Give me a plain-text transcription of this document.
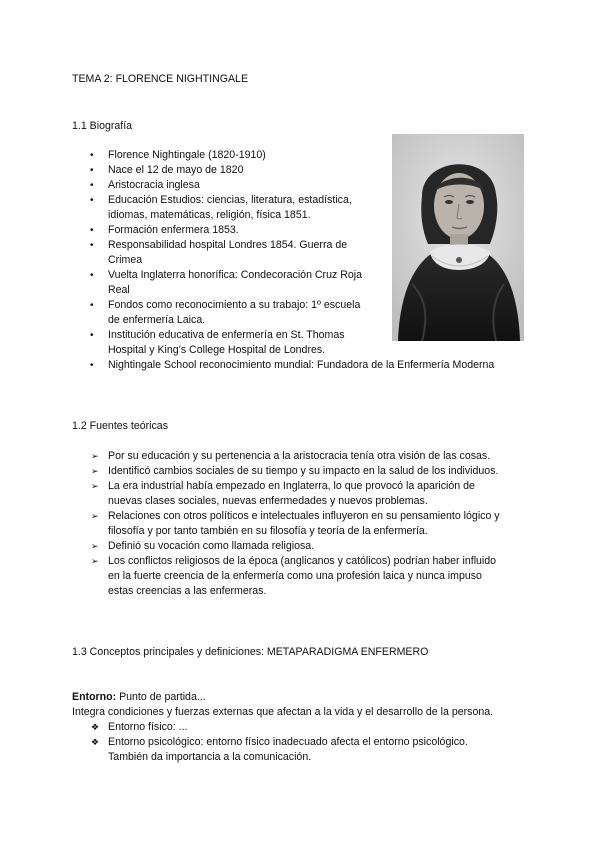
TEMA 2: FLORENCE NIGHTINGALE

1.1 Biografía

• Florence Nightingale (1820-1910)
• Nace el 12 de mayo de 1820
• Aristocracia inglesa
• Educación Estudios: ciencias, literatura, estadística,
idiomas, matemáticas, religión, física 1851.
• Formación enfermera 1853.
• Responsabilidad hospital Londres 1854. Guerra de
Crimea
• Vuelta Inglaterra honorífica: Condecoración Cruz Roja
Real
• Fondos como reconocimiento a su trabajo: 1º escuela
de enfermería Laica.
• Institución educativa de enfermería en St. Thomas
Hospital y King’s College Hospital de Londres.
• Nightingale School reconocimiento mundial: Fundadora de la Enfermería Moderna

1.2 Fuentes teóricas

➢ Por su educación y su pertenencia a la aristocracia tenía otra visión de las cosas.
➢ Identificó cambios sociales de su tiempo y su impacto en la salud de los individuos.
➢ La era industrial había empezado en Inglaterra, lo que provocó la aparición de
nuevas clases sociales, nuevas enfermedades y nuevos problemas.
➢ Relaciones con otros políticos e intelectuales influyeron en su pensamiento lógico y
filosofía y por tanto también en su filosofía y teoría de la enfermería.
➢ Definió su vocación como llamada religiosa.
➢ Los conflictos religiosos de la época (anglicanos y católicos) podrían haber influido
en la fuerte creencia de la enfermería como una profesión laica y nunca impuso
estas creencias a las enfermeras.

1.3 Conceptos principales y definiciones: METAPARADIGMA ENFERMERO

Entorno: Punto de partida...

Integra condiciones y fuerzas externas que afectan a la vida y el desarrollo de la persona.

❖ Entorno físico: ...
❖ Entorno psicológico: entorno físico inadecuado afecta el entorno psicológico.
También da importancia a la comunicación.
